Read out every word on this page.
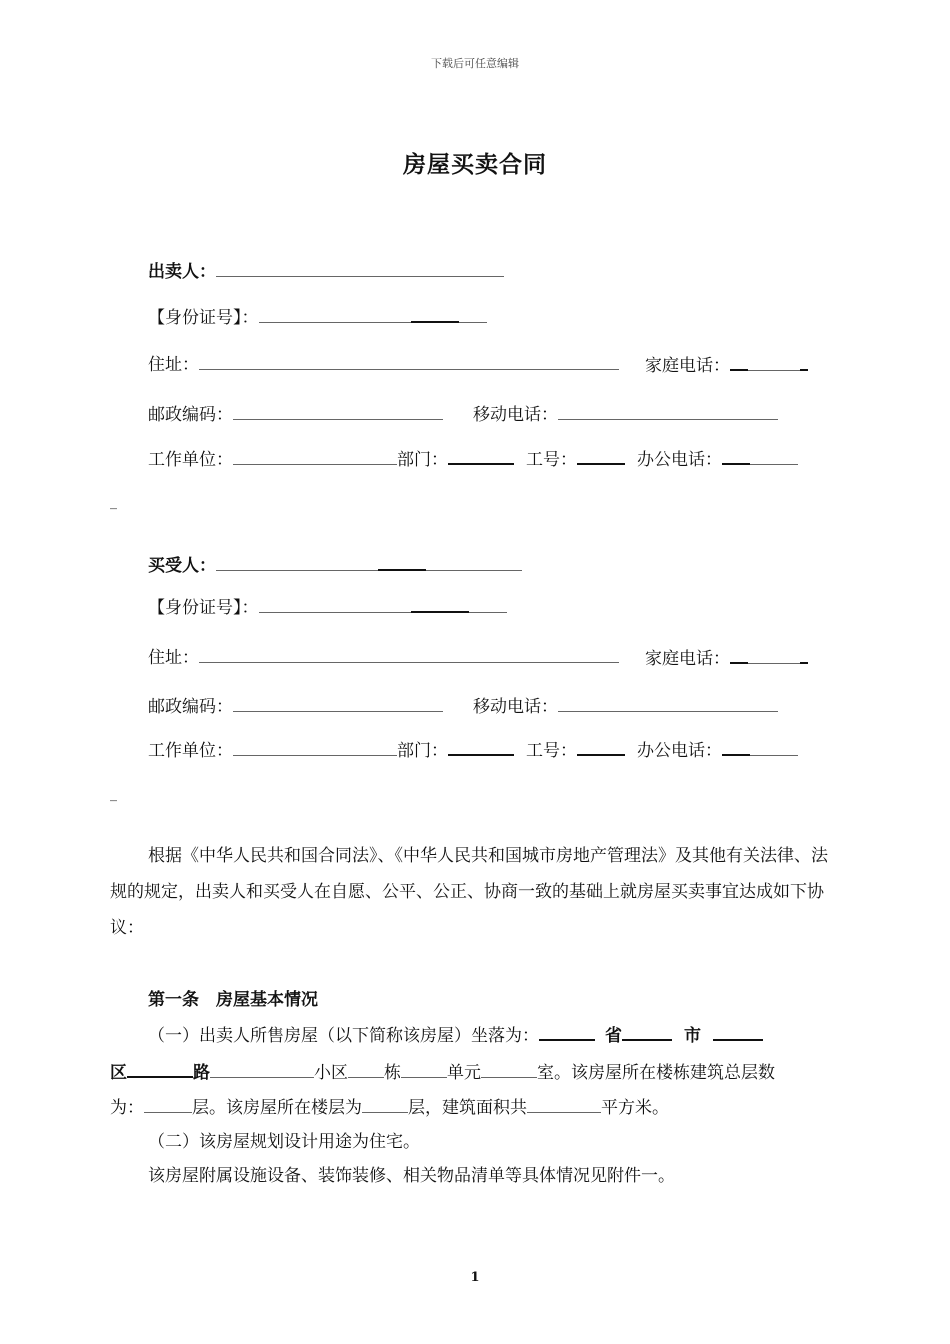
下载后可任意编辑
房屋买卖合同
出卖人：
【身份证号】：
住址：	家庭电话：
邮政编码：	移动电话：
工作单位：	部门：	工号：	办公电话：
_
买受人：
【身份证号】：
住址：	家庭电话：
邮政编码：	移动电话：
工作单位：	部门：	工号：	办公电话：
_
根据《中华人民共和国合同法》、《中华人民共和国城市房地产管理法》及其他有关法律、法规的规定，出卖人和买受人在自愿、公平、公正、协商一致的基础上就房屋买卖事宜达成如下协议：
第一条　房屋基本情况
（一）出卖人所售房屋（以下简称该房屋）坐落为：	省	市
区	路	小区 栋	单元	室。该房屋所在楼栋建筑总层数
为：	层。该房屋所在楼层为	层，建筑面积共	平方米。
（二）该房屋规划设计用途为住宅。
该房屋附属设施设备、装饰装修、相关物品清单等具体情况见附件一。
1
